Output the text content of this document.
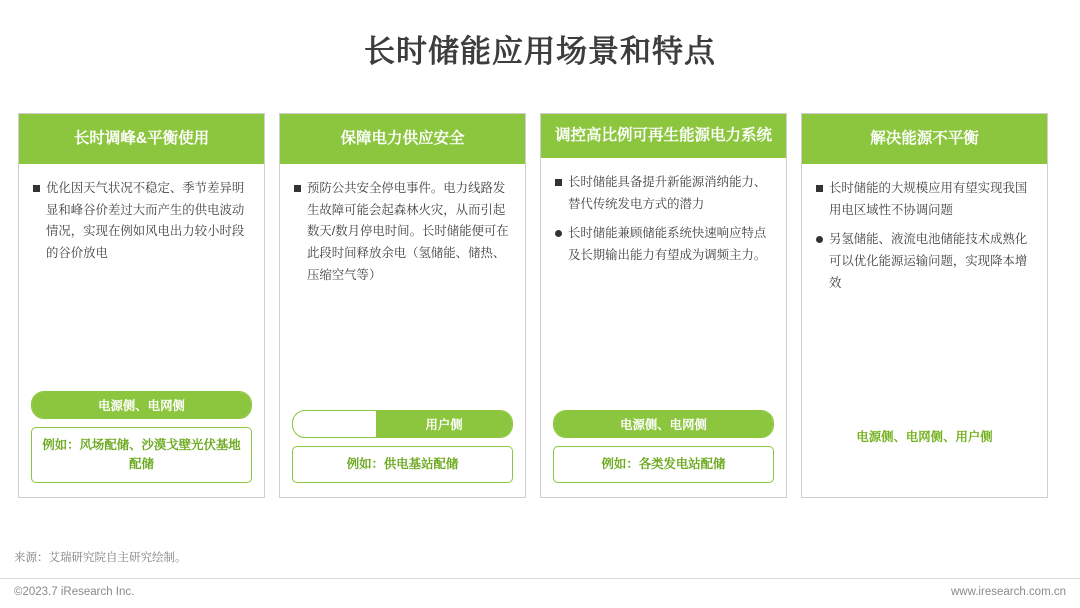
长时储能应用场景和特点
长时调峰&平衡使用
优化因天气状况不稳定、季节差异明显和峰谷价差过大而产生的供电波动情况，实现在例如风电出力较小时段的谷价放电
电源侧、电网侧
例如：风场配储、沙漠戈壁光伏基地配储
保障电力供应安全
预防公共安全停电事件。电力线路发生故障可能会起森林火灾，从而引起数天/数月停电时间。长时储能便可在此段时间释放余电（氢储能、储热、压缩空气等）
用户侧
例如：供电基站配储
调控高比例可再生能源电力系统
长时储能具备提升新能源消纳能力、替代传统发电方式的潜力
长时储能兼顾储能系统快速响应特点及长期输出能力有望成为调频主力。
电源侧、电网侧
例如：各类发电站配储
解决能源不平衡
长时储能的大规模应用有望实现我国用电区域性不协调问题
另氢储能、液流电池储能技术成熟化可以优化能源运输问题，实现降本增效
电源侧、电网侧、用户侧
来源：艾瑞研究院自主研究绘制。
©2023.7 iResearch Inc.	www.iresearch.com.cn
